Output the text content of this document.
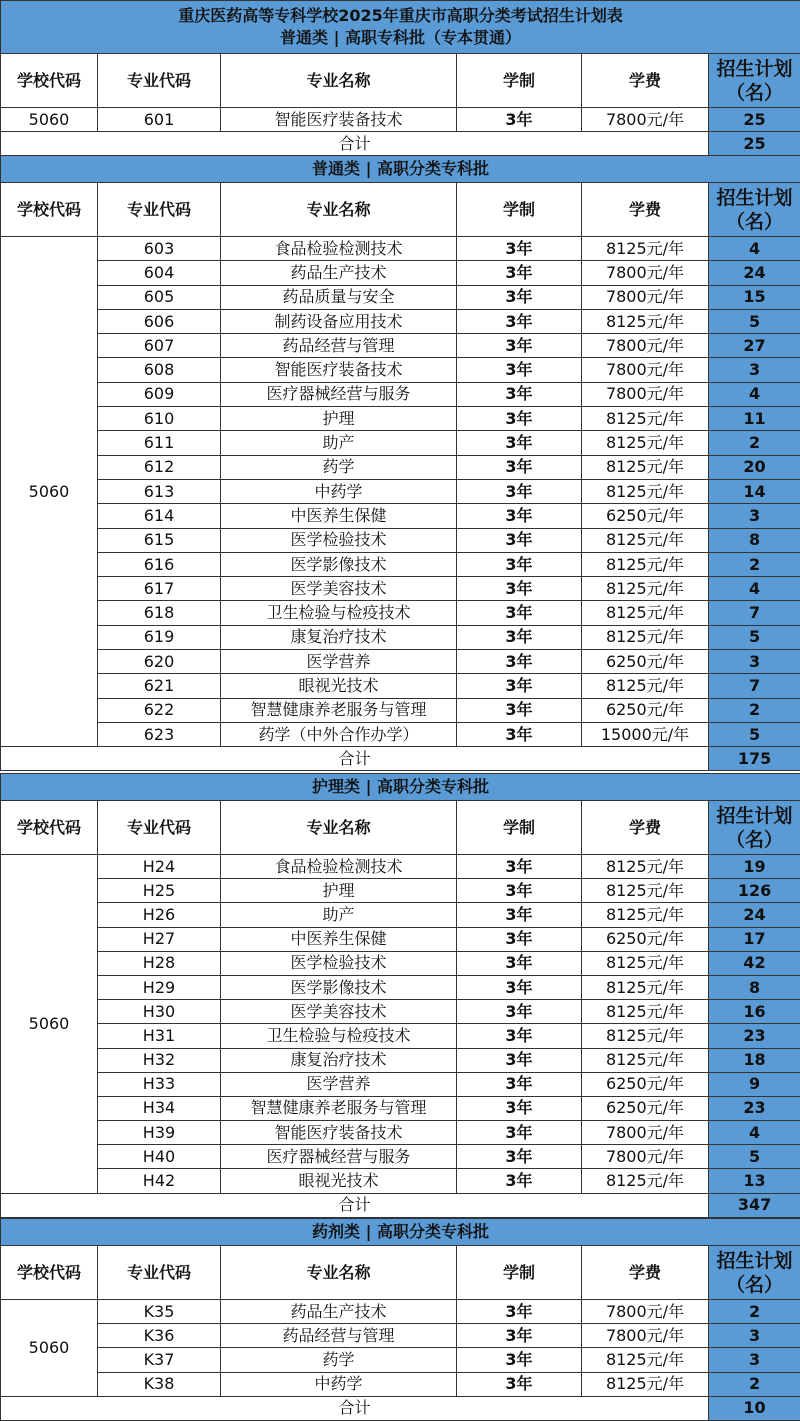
重庆医药高等专科学校2025年重庆市高职分类考试招生计划表
普通类 | 高职专科批（专本贯通）					

学校代码	专业代码	专业名称	学制	学费	招生计划（名）
5060	601	智能医疗装备技术	3年	7800元/年	25
合计					25
普通类 | 高职分类专科批					
学校代码	专业代码	专业名称	学制	学费	招生计划（名）
5060	603	食品检验检测技术	3年	8125元/年	4
	604	药品生产技术	3年	7800元/年	24
	605	药品质量与安全	3年	7800元/年	15
	606	制药设备应用技术	3年	8125元/年	5
	607	药品经营与管理	3年	7800元/年	27
	608	智能医疗装备技术	3年	7800元/年	3
	609	医疗器械经营与服务	3年	7800元/年	4
	610	护理	3年	8125元/年	11
	611	助产	3年	8125元/年	2
	612	药学	3年	8125元/年	20
	613	中药学	3年	8125元/年	14
	614	中医养生保健	3年	6250元/年	3
	615	医学检验技术	3年	8125元/年	8
	616	医学影像技术	3年	8125元/年	2
	617	医学美容技术	3年	8125元/年	4
	618	卫生检验与检疫技术	3年	8125元/年	7
	619	康复治疗技术	3年	8125元/年	5
	620	医学营养	3年	6250元/年	3
	621	眼视光技术	3年	8125元/年	7
	622	智慧健康养老服务与管理	3年	6250元/年	2
	623	药学（中外合作办学）	3年	15000元/年	5
合计					175
护理类 | 高职分类专科批					
学校代码	专业代码	专业名称	学制	学费	招生计划（名）
5060	H24	食品检验检测技术	3年	8125元/年	19
	H25	护理	3年	8125元/年	126
	H26	助产	3年	8125元/年	24
	H27	中医养生保健	3年	6250元/年	17
	H28	医学检验技术	3年	8125元/年	42
	H29	医学影像技术	3年	8125元/年	8
	H30	医学美容技术	3年	8125元/年	16
	H31	卫生检验与检疫技术	3年	8125元/年	23
	H32	康复治疗技术	3年	8125元/年	18
	H33	医学营养	3年	6250元/年	9
	H34	智慧健康养老服务与管理	3年	6250元/年	23
	H39	智能医疗装备技术	3年	7800元/年	4
	H40	医疗器械经营与服务	3年	7800元/年	5
	H42	眼视光技术	3年	8125元/年	13
合计					347
药剂类 | 高职分类专科批					
学校代码	专业代码	专业名称	学制	学费	招生计划（名）
5060	K35	药品生产技术	3年	7800元/年	2
	K36	药品经营与管理	3年	7800元/年	3
	K37	药学	3年	8125元/年	3
	K38	中药学	3年	8125元/年	2
合计					10
